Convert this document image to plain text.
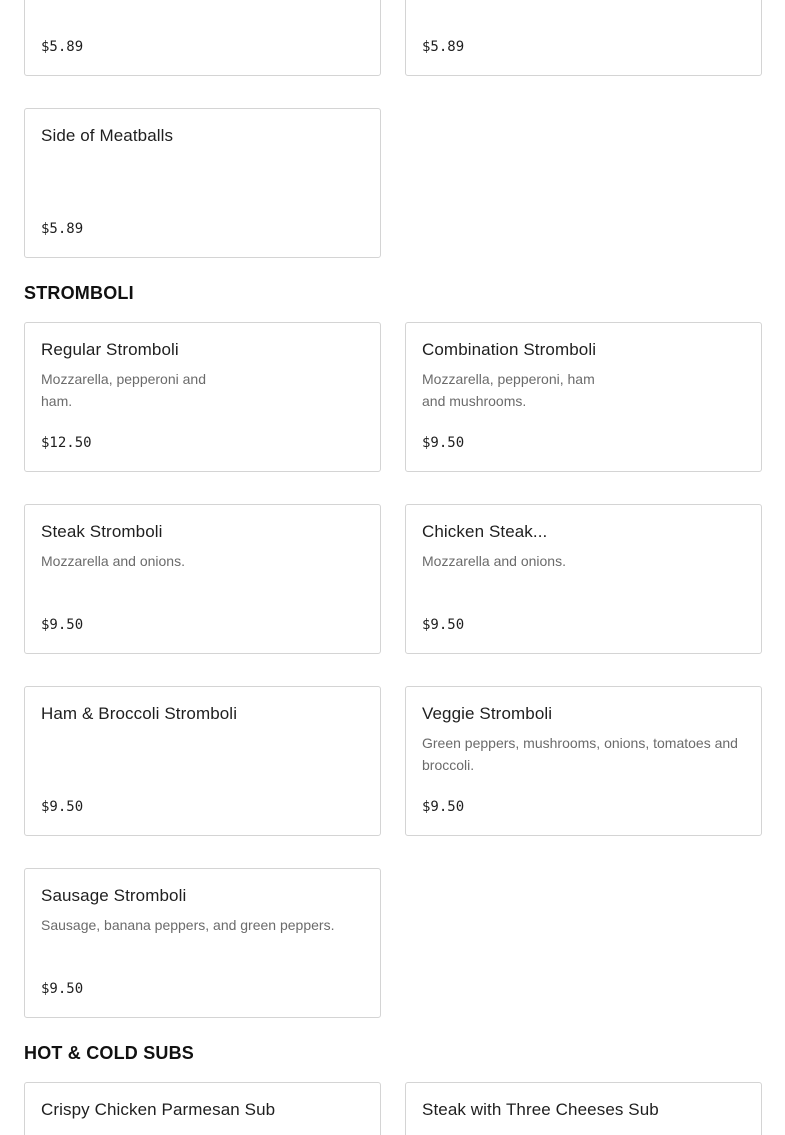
$5.89	$5.89
Side of Meatballs
$5.89
STROMBOLI
Regular Stromboli
Mozzarella, pepperoni and
ham.
$12.50
Combination Stromboli
Mozzarella, pepperoni, ham
and mushrooms.
$9.50
Steak Stromboli
Mozzarella and onions.
$9.50
Chicken Steak...
Mozzarella and onions.
$9.50
Ham & Broccoli Stromboli
$9.50
Veggie Stromboli
Green peppers, mushrooms, onions, tomatoes and
broccoli.
$9.50
Sausage Stromboli
Sausage, banana peppers, and green peppers.
$9.50
HOT & COLD SUBS
Crispy Chicken Parmesan Sub	Steak with Three Cheeses Sub
